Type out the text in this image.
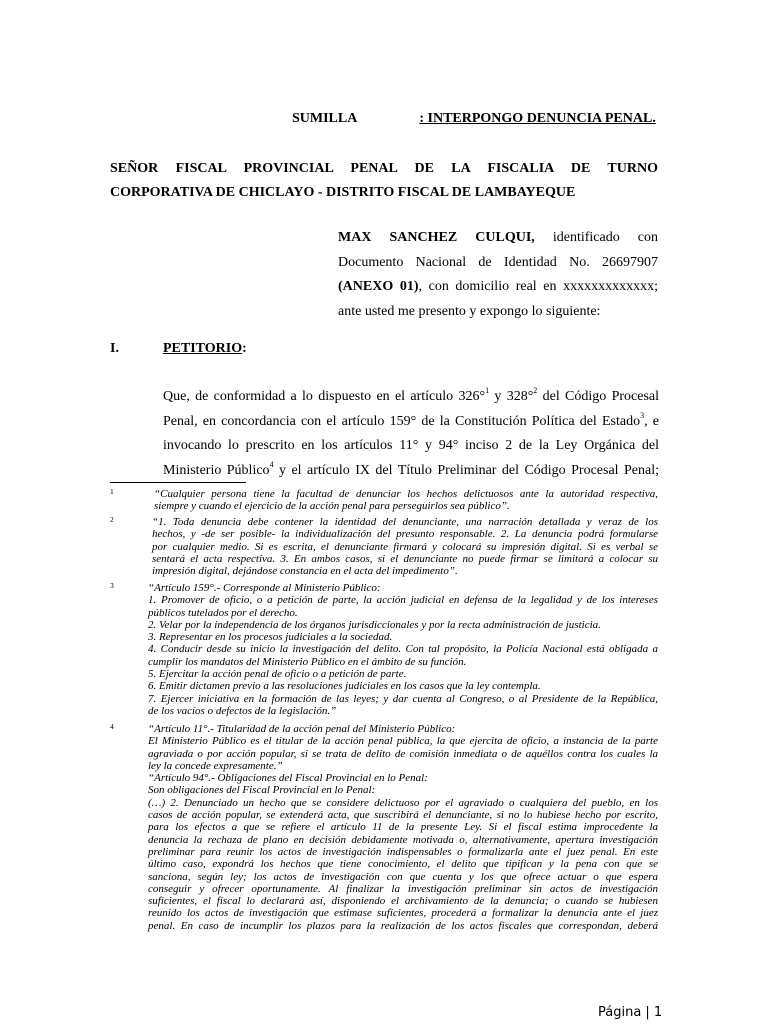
SUMILLA	: INTERPONGO DENUNCIA PENAL.
SEÑOR FISCAL PROVINCIAL PENAL DE LA FISCALIA DE TURNO
CORPORATIVA DE CHICLAYO - DISTRITO FISCAL DE LAMBAYEQUE
MAX SANCHEZ CULQUI, identificado con
Documento Nacional de Identidad No. 26697907
(ANEXO 01), con domicilio real en xxxxxxxxxxxxx;
ante usted me presento y expongo lo siguiente:
I.	PETITORIO:
Que, de conformidad a lo dispuesto en el artículo 326°$^1$ y 328°$^2$ del Código Procesal
Penal, en concordancia con el artículo 159° de la Constitución Política del Estado$^3$, e
invocando lo prescrito en los artículos 11° y 94° inciso 2 de la Ley Orgánica del
Ministerio Público$^4$ y el artículo IX del Título Preliminar del Código Procesal Penal;
1	“Cualquier persona tiene la facultad de denunciar los hechos delictuosos ante la autoridad respectiva,
siempre y cuando el ejercicio de la acción penal para perseguirlos sea público”.
2	“1. Toda denuncia debe contener la identidad del denunciante, una narración detallada y veraz de los
hechos, y -de ser posible- la individualización del presunto responsable. 2. La denuncia podrá formularse
por cualquier medio. Si es escrita, el denunciante firmará y colocará su impresión digital. Si es verbal se
sentará el acta respectiva. 3. En ambos casos, si el denunciante no puede firmar se limitará a colocar su
impresión digital, dejándose constancia en el acta del impedimento”.
3	“Artículo 159°.- Corresponde al Ministerio Público:
1. Promover de oficio, o a petición de parte, la acción judicial en defensa de la legalidad y de los intereses
públicos tutelados por el derecho.
2. Velar por la independencia de los órganos jurisdiccionales y por la recta administración de justicia.
3. Representar en los procesos judiciales a la sociedad.
4. Conducir desde su inicio la investigación del delito. Con tal propósito, la Policía Nacional está obligada a
cumplir los mandatos del Ministerio Público en el ámbito de su función.
5. Ejercitar la acción penal de oficio o a petición de parte.
6. Emitir dictamen previo a las resoluciones judiciales en los casos que la ley contempla.
7. Ejercer iniciativa en la formación de las leyes; y dar cuenta al Congreso, o al Presidente de la República,
de los vacíos o defectos de la legislación.”
4	“Artículo 11°.- Titularidad de la acción penal del Ministerio Público:
El Ministerio Público es el titular de la acción penal pública, la que ejercita de oficio, a instancia de la parte
agraviada o por acción popular, si se trata de delito de comisión inmediata o de aquéllos contra los cuales la
ley la concede expresamente.”
“Artículo 94°.- Obligaciones del Fiscal Provincial en lo Penal:
Son obligaciones del Fiscal Provincial en lo Penal:
(…) 2. Denunciado un hecho que se considere delictuoso por el agraviado o cualquiera del pueblo, en los
casos de acción popular, se extenderá acta, que suscribirá el denunciante, si no lo hubiese hecho por escrito,
para los efectos a que se refiere el artículo 11 de la presente Ley. Si el fiscal estima improcedente la
denuncia la rechaza de plano en decisión debidamente motivada o, alternativamente, apertura investigación
preliminar para reunir los actos de investigación indispensables o formalizarla ante el juez penal. En este
último caso, expondrá los hechos que tiene conocimiento, el delito que tipifican y la pena con que se
sanciona, según ley; los actos de investigación con que cuenta y los que ofrece actuar o que espera
conseguir y ofrecer oportunamente. Al finalizar la investigación preliminar sin actos de investigación
suficientes, el fiscal lo declarará así, disponiendo el archivamiento de la denuncia; o cuando se hubiesen
reunido los actos de investigación que estimase suficientes, procederá a formalizar la denuncia ante el juez
penal. En caso de incumplir los plazos para la realización de los actos fiscales que correspondan, deberá
Página | 1
